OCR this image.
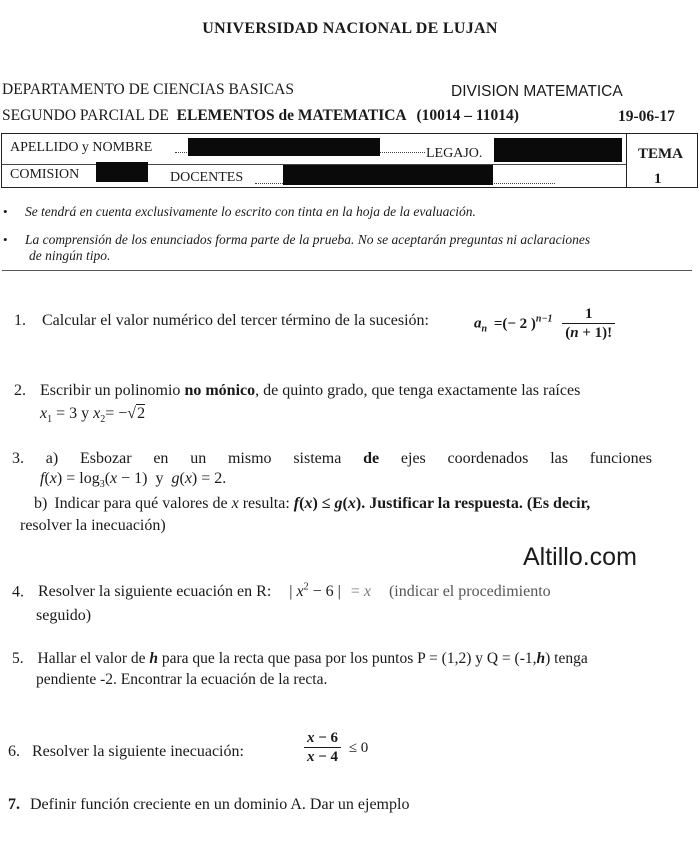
UNIVERSIDAD NACIONAL DE LUJAN
DEPARTAMENTO DE CIENCIAS BASICAS	DIVISION MATEMATICA
SEGUNDO PARCIAL DE ELEMENTOS de MATEMATICA (10014 – 11014)	19-06-17
APELLIDO y NOMBRE	LEGAJO.	TEMA
COMISION	DOCENTES	1
• Se tendrá en cuenta exclusivamente lo escrito con tinta en la hoja de la evaluación.
• La comprensión de los enunciados forma parte de la prueba. No se aceptarán preguntas ni aclaraciones
de ningún tipo.
1. Calcular el valor numérico del tercer término de la sucesión:	$a_n$ =(− 2 )$^{n-1} \frac{1}{(n + 1)!}$
2. Escribir un polinomio no mónico, de quinto grado, que tenga exactamente las raíces
$x_1 = 3$ y $x_2= -√2$
3. a) Esbozar en un mismo sistema de ejes coordenados las funciones
$f(x) = \log_3(x - 1)$  y  g(x) = 2.
b) Indicar para qué valores de x resulta: f(x) ≤ g(x). Justificar la respuesta. (Es decir,
resolver la inecuación)
Altillo.com
4. Resolver la siguiente ecuación en R: | $x^2 - 6$ | = x (indicar el procedimiento
seguido)
5. Hallar el valor de h para que la recta que pasa por los puntos P = (1,2) y Q = (-1,h) tenga
pendiente -2. Encontrar la ecuación de la recta.
6. Resolver la siguiente inecuación:	$\frac{x - 6}{x - 4} \le 0$
7. Definir función creciente en un dominio A. Dar un ejemplo
